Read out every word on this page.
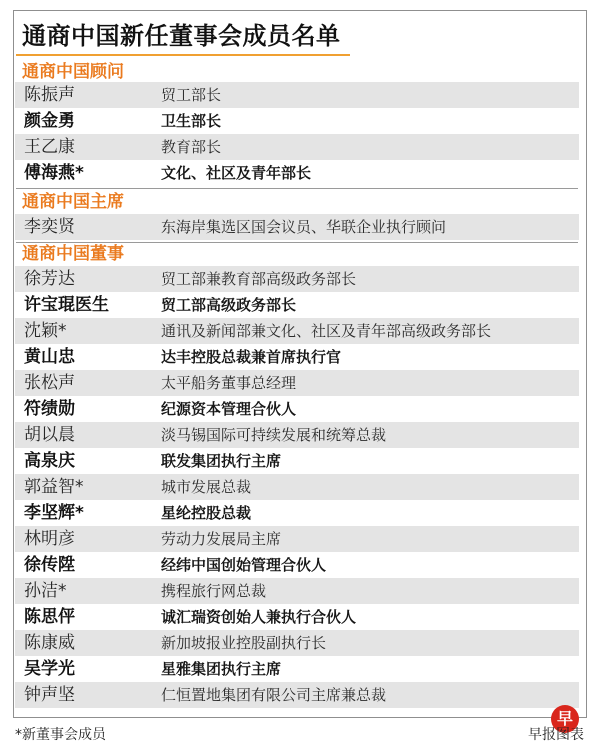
通商中国新任董事会成员名单
通商中国顾问
陈振声	贸工部长
颜金勇	卫生部长
王乙康	教育部长
傅海燕*	文化、社区及青年部长
通商中国主席
李奕贤	东海岸集选区国会议员、华联企业执行顾问
通商中国董事
徐芳达	贸工部兼教育部高级政务部长
许宝琨医生	贸工部高级政务部长
沈颖*	通讯及新闻部兼文化、社区及青年部高级政务部长
黄山忠	达丰控股总裁兼首席执行官
张松声	太平船务董事总经理
符绩勋	纪源资本管理合伙人
胡以晨	淡马锡国际可持续发展和统筹总裁
高泉庆	联发集团执行主席
郭益智*	城市发展总裁
李坚辉*	星纶控股总裁
林明彦	劳动力发展局主席
徐传陞	经纬中国创始管理合伙人
孙洁*	携程旅行网总裁
陈思伻	诚汇瑞资创始人兼执行合伙人
陈康威	新加坡报业控股副执行长
吴学光	星雅集团执行主席
钟声坚	仁恒置地集团有限公司主席兼总裁
*新董事会成员
早
早报图表
